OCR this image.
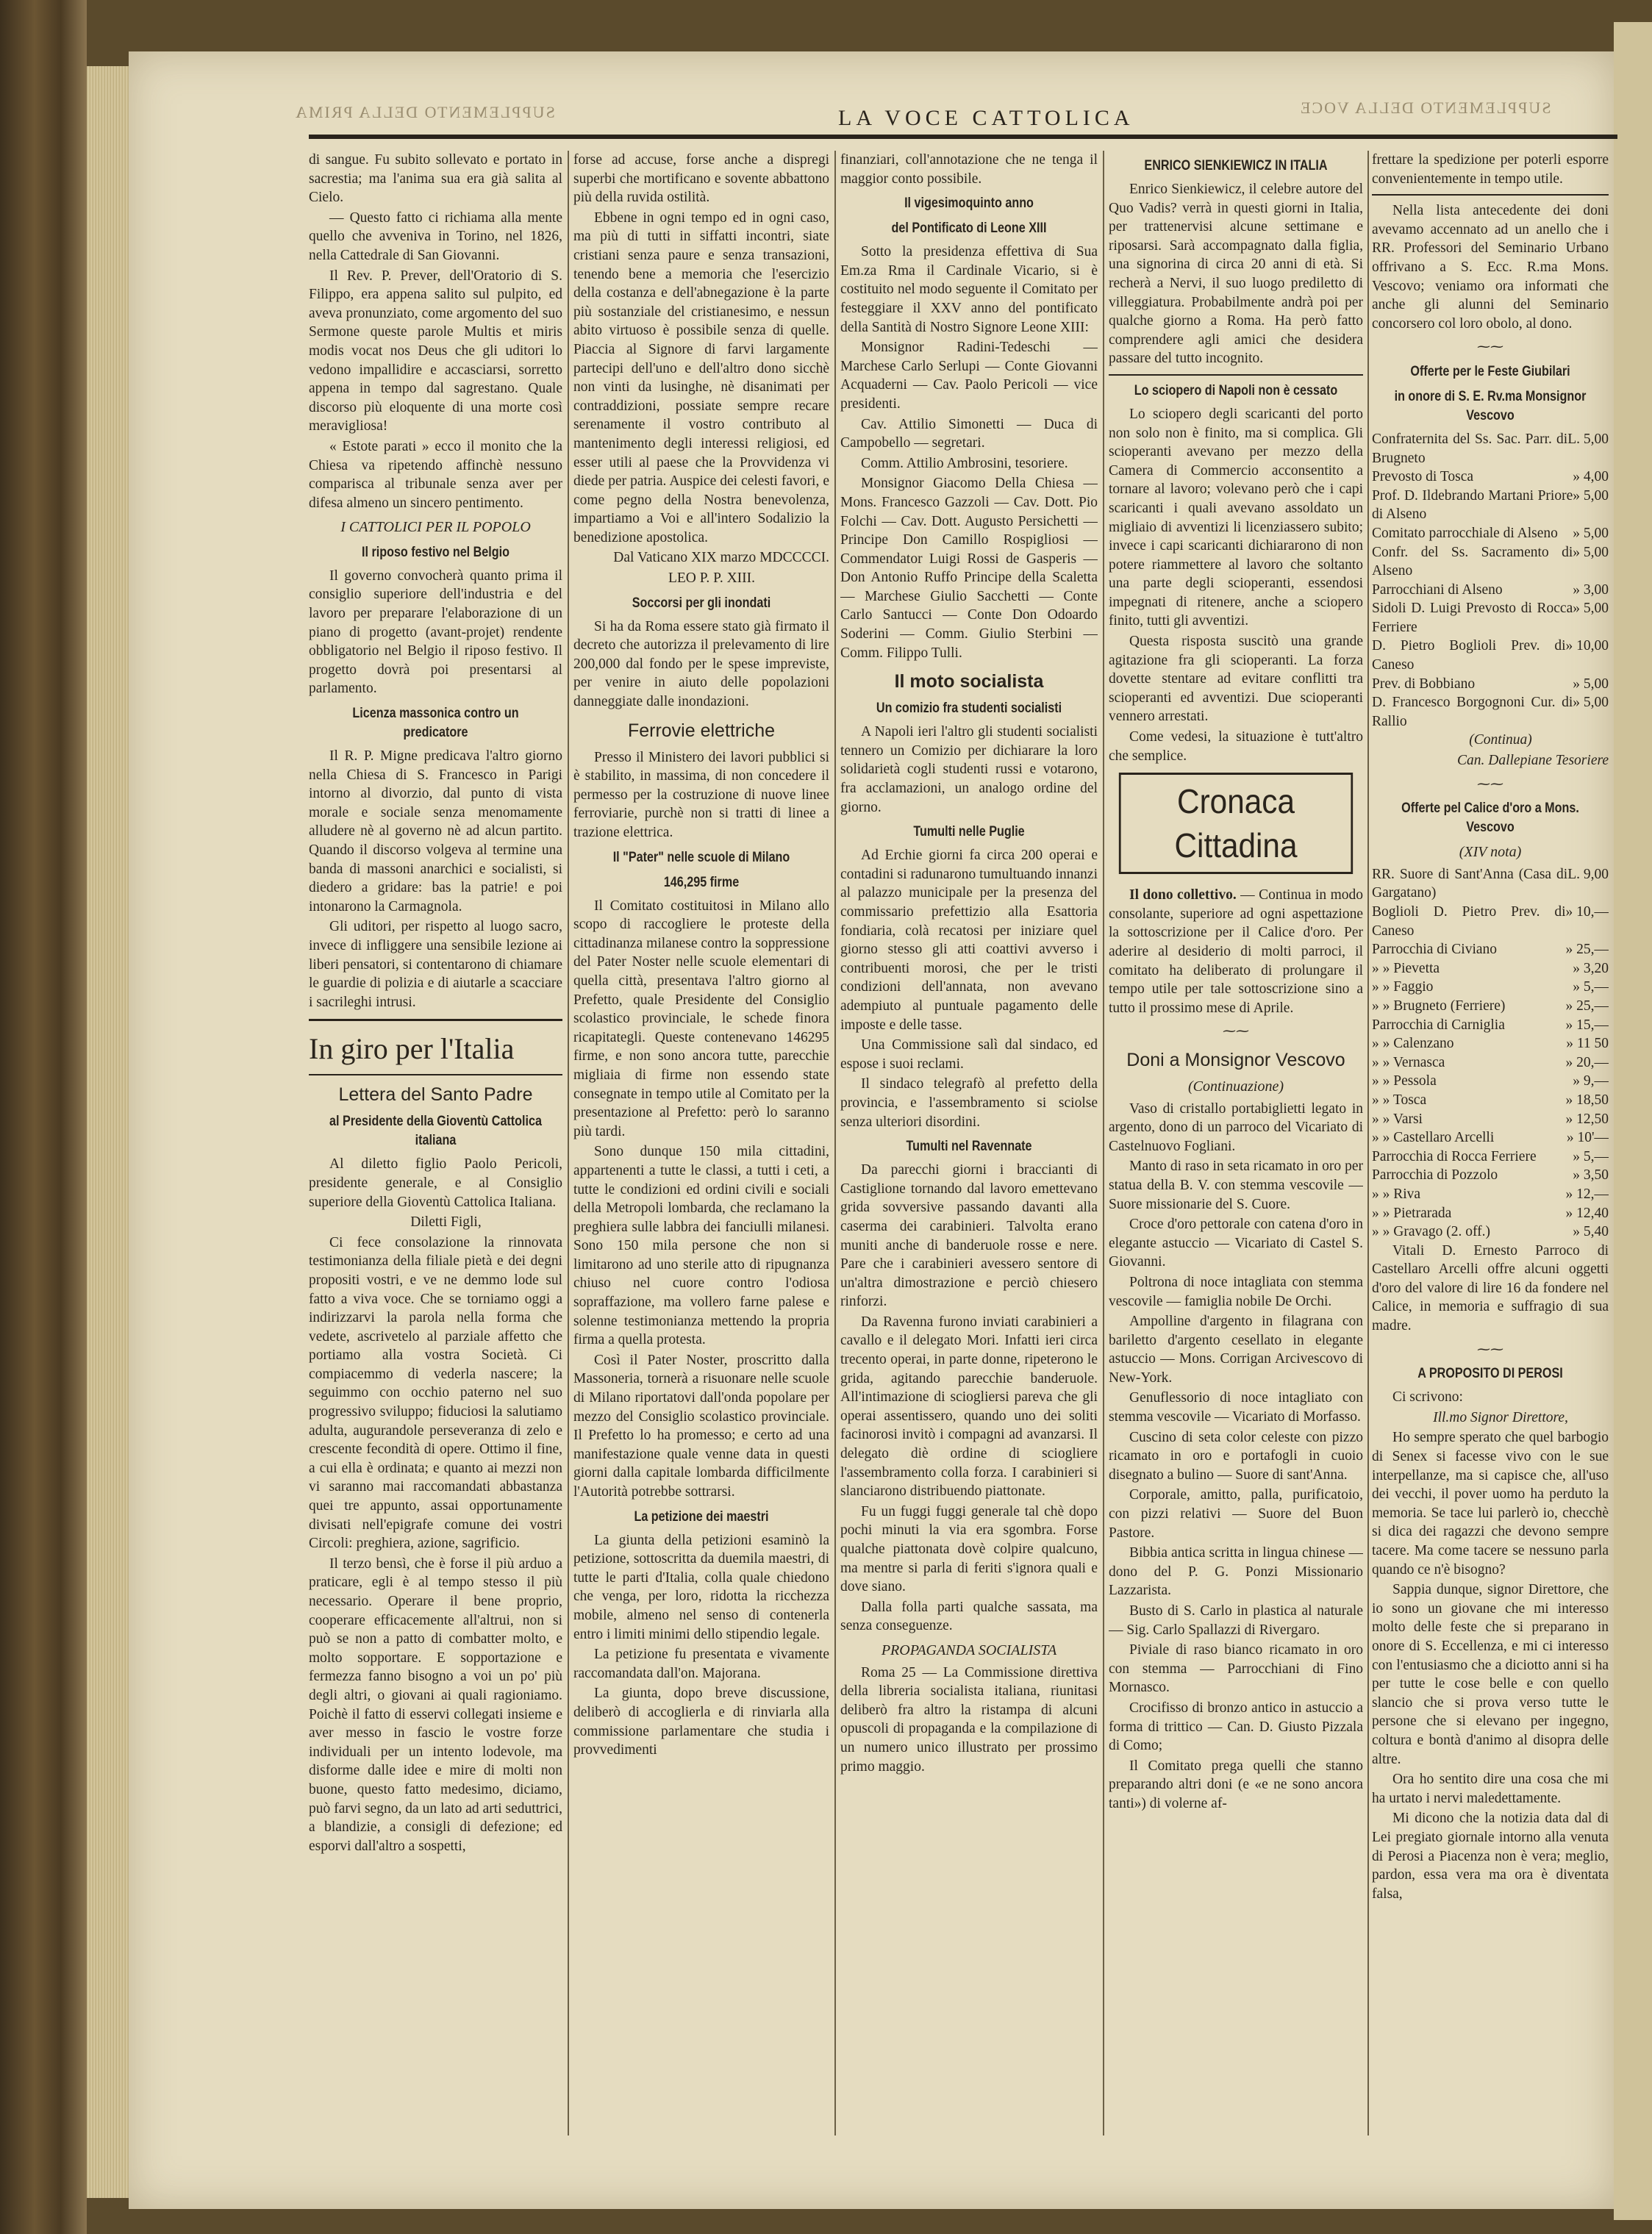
SUPPLEMENTO DELLA PRIMA	LA VOCE CATTOLICA	SUPPLEMENTO DELLA VOCE

di sangue. Fu subito sollevato e portato in sacrestia; ma l'anima sua era già salita al Cielo.

— Questo fatto ci richiama alla mente quello che avveniva in Torino, nel 1826, nella Cattedrale di San Giovanni.

Il Rev. P. Prever, dell'Oratorio di S. Filippo, era appena salito sul pulpito, ed aveva pronunziato, come argomento del suo Sermone queste parole Multis et miris modis vocat nos Deus che gli uditori lo vedono impallidire e accasciarsi, sorretto appena in tempo dal sagrestano. Quale discorso più eloquente di una morte così meravigliosa!

« Estote parati » ecco il monito che la Chiesa va ripetendo affinchè nessuno comparisca al tribunale senza aver per difesa almeno un sincero pentimento.

I CATTOLICI PER IL POPOLO
Il riposo festivo nel Belgio

Il governo convocherà quanto prima il consiglio superiore dell'industria e del lavoro per preparare l'elaborazione di un piano di progetto (avant-projet) rendente obbligatorio nel Belgio il riposo festivo. Il progetto dovrà poi presentarsi al parlamento.

Licenza massonica contro un predicatore

Il R. P. Migne predicava l'altro giorno nella Chiesa di S. Francesco in Parigi intorno al divorzio, dal punto di vista morale e sociale senza menomamente alludere nè al governo nè ad alcun partito. Quando il discorso volgeva al termine una banda di massoni anarchici e socialisti, si diedero a gridare: bas la patrie! e poi intonarono la Carmagnola.

Gli uditori, per rispetto al luogo sacro, invece di infliggere una sensibile lezione ai liberi pensatori, si contentarono di chiamare le guardie di polizia e di aiutarle a scacciare i sacrileghi intrusi.

In giro per l'Italia
Lettera del Santo Padre
al Presidente della Gioventù Cattolica italiana

Al diletto figlio Paolo Pericoli, presidente generale, e al Consiglio superiore della Gioventù Cattolica Italiana.

Diletti Figli,

Ci fece consolazione la rinnovata testimonianza della filiale pietà e dei degni propositi vostri, e ve ne demmo lode sul fatto a viva voce. Che se torniamo oggi a indirizzarvi la parola nella forma che vedete, ascrivetelo al parziale affetto che portiamo alla vostra Società. Ci compiacemmo di vederla nascere; la seguimmo con occhio paterno nel suo progressivo sviluppo; fiduciosi la salutiamo adulta, augurandole perseveranza di zelo e crescente fecondità di opere. Ottimo il fine, a cui ella è ordinata; e quanto ai mezzi non vi saranno mai raccomandati abbastanza quei tre appunto, assai opportunamente divisati nell'epigrafe comune dei vostri Circoli: preghiera, azione, sagrificio.

Il terzo bensì, che è forse il più arduo a praticare, egli è al tempo stesso il più necessario. Operare il bene proprio, cooperare efficacemente all'altrui, non si può se non a patto di combatter molto, e molto sopportare. E sopportazione e fermezza fanno bisogno a voi un po' più degli altri, o giovani ai quali ragioniamo. Poichè il fatto di esservi collegati insieme e aver messo in fascio le vostre forze individuali per un intento lodevole, ma disforme dalle idee e mire di molti non buone, questo fatto medesimo, diciamo, può farvi segno, da un lato ad arti seduttrici, a blandizie, a consigli di defezione; ed esporvi dall'altro a sospetti,

forse ad accuse, forse anche a dispregi superbi che mortificano e sovente abbattono più della ruvida ostilità.

Ebbene in ogni tempo ed in ogni caso, ma più di tutti in siffatti incontri, siate cristiani senza paure e senza transazioni, tenendo bene a memoria che l'esercizio della costanza e dell'abnegazione è la parte più sostanziale del cristianesimo, e nessun abito virtuoso è possibile senza di quelle. Piaccia al Signore di farvi largamente partecipi dell'uno e dell'altro dono sicchè non vinti da lusinghe, nè disanimati per contraddizioni, possiate sempre recare serenamente il vostro contributo al mantenimento degli interessi religiosi, ed esser utili al paese che la Provvidenza vi diede per patria. Auspice dei celesti favori, e come pegno della Nostra benevolenza, impartiamo a Voi e all'intero Sodalizio la benedizione apostolica.

Dal Vaticano XIX marzo MDCCCCI.

LEO P. P. XIII.

Soccorsi per gli inondati

Si ha da Roma essere stato già firmato il decreto che autorizza il prelevamento di lire 200,000 dal fondo per le spese impreviste, per venire in aiuto delle popolazioni danneggiate dalle inondazioni.

Ferrovie elettriche

Presso il Ministero dei lavori pubblici si è stabilito, in massima, di non concedere il permesso per la costruzione di nuove linee ferroviarie, purchè non si tratti di linee a trazione elettrica.

Il "Pater" nelle scuole di Milano
146,295 firme

Il Comitato costituitosi in Milano allo scopo di raccogliere le proteste della cittadinanza milanese contro la soppressione del Pater Noster nelle scuole elementari di quella città, presentava l'altro giorno al Prefetto, quale Presidente del Consiglio scolastico provinciale, le schede finora ricapitategli. Queste contenevano 146295 firme, e non sono ancora tutte, parecchie migliaia di firme non essendo state consegnate in tempo utile al Comitato per la presentazione al Prefetto: però lo saranno più tardi.

Sono dunque 150 mila cittadini, appartenenti a tutte le classi, a tutti i ceti, a tutte le condizioni ed ordini civili e sociali della Metropoli lombarda, che reclamano la preghiera sulle labbra dei fanciulli milanesi. Sono 150 mila persone che non si limitarono ad uno sterile atto di ripugnanza chiuso nel cuore contro l'odiosa sopraffazione, ma vollero farne palese e solenne testimonianza mettendo la propria firma a quella protesta.

Così il Pater Noster, proscritto dalla Massoneria, tornerà a risuonare nelle scuole di Milano riportatovi dall'onda popolare per mezzo del Consiglio scolastico provinciale. Il Prefetto lo ha promesso; e certo ad una manifestazione quale venne data in questi giorni dalla capitale lombarda difficilmente l'Autorità potrebbe sottrarsi.

La petizione dei maestri

La giunta della petizioni esaminò la petizione, sottoscritta da duemila maestri, di tutte le parti d'Italia, colla quale chiedono che venga, per loro, ridotta la ricchezza mobile, almeno nel senso di contenerla entro i limiti minimi dello stipendio legale.

La petizione fu presentata e vivamente raccomandata dall'on. Majorana.

La giunta, dopo breve discussione, deliberò di accoglierla e di rinviarla alla commissione parlamentare che studia i provvedimenti

finanziari, coll'annotazione che ne tenga il maggior conto possibile.

Il vigesimoquinto anno
del Pontificato di Leone XIII

Sotto la presidenza effettiva di Sua Em.za Rma il Cardinale Vicario, si è costituito nel modo seguente il Comitato per festeggiare il XXV anno del pontificato della Santità di Nostro Signore Leone XIII:

Monsignor Radini-Tedeschi — Marchese Carlo Serlupi — Conte Giovanni Acquaderni — Cav. Paolo Pericoli — vice presidenti.

Cav. Attilio Simonetti — Duca di Campobello — segretari.

Comm. Attilio Ambrosini, tesoriere.

Monsignor Giacomo Della Chiesa — Mons. Francesco Gazzoli — Cav. Dott. Pio Folchi — Cav. Dott. Augusto Persichetti — Principe Don Camillo Rospigliosi — Commendator Luigi Rossi de Gasperis — Don Antonio Ruffo Principe della Scaletta — Marchese Giulio Sacchetti — Conte Carlo Santucci — Conte Don Odoardo Soderini — Comm. Giulio Sterbini — Comm. Filippo Tulli.

Il moto socialista
Un comizio fra studenti socialisti

A Napoli ieri l'altro gli studenti socialisti tennero un Comizio per dichiarare la loro solidarietà cogli studenti russi e votarono, fra acclamazioni, un analogo ordine del giorno.

Tumulti nelle Puglie

Ad Erchie giorni fa circa 200 operai e contadini si radunarono tumultuando innanzi al palazzo municipale per la presenza del commissario prefettizio alla Esattoria fondiaria, colà recatosi per iniziare quel giorno stesso gli atti coattivi avverso i contribuenti morosi, che per le tristi condizioni dell'annata, non avevano adempiuto al puntuale pagamento delle imposte e delle tasse.

Una Commissione salì dal sindaco, ed espose i suoi reclami.

Il sindaco telegrafò al prefetto della provincia, e l'assembramento si sciolse senza ulteriori disordini.

Tumulti nel Ravennate

Da parecchi giorni i braccianti di Castiglione tornando dal lavoro emettevano grida sovversive passando davanti alla caserma dei carabinieri. Talvolta erano muniti anche di banderuole rosse e nere. Pare che i carabinieri avessero sentore di un'altra dimostrazione e perciò chiesero rinforzi.

Da Ravenna furono inviati carabinieri a cavallo e il delegato Mori. Infatti ieri circa trecento operai, in parte donne, ripeterono le grida, agitando parecchie banderuole. All'intimazione di sciogliersi pareva che gli operai assentissero, quando uno dei soliti facinorosi invitò i compagni ad avanzarsi. Il delegato diè ordine di sciogliere l'assembramento colla forza. I carabinieri si slanciarono distribuendo piattonate.

Fu un fuggi fuggi generale tal chè dopo pochi minuti la via era sgombra. Forse qualche piattonata dovè colpire qualcuno, ma mentre si parla di feriti s'ignora quali e dove siano.

Dalla folla parti qualche sassata, ma senza conseguenze.

PROPAGANDA SOCIALISTA

Roma 25 — La Commissione direttiva della libreria socialista italiana, riunitasi deliberò fra altro la ristampa di alcuni opuscoli di propaganda e la compilazione di un numero unico illustrato per prossimo primo maggio.

ENRICO SIENKIEWICZ IN ITALIA

Enrico Sienkiewicz, il celebre autore del Quo Vadis? verrà in questi giorni in Italia, per trattenervisi alcune settimane e riposarsi. Sarà accompagnato dalla figlia, una signorina di circa 20 anni di età. Si recherà a Nervi, il suo luogo prediletto di villeggiatura. Probabilmente andrà poi per qualche giorno a Roma. Ha però fatto comprendere agli amici che desidera passare del tutto incognito.

Lo sciopero di Napoli non è cessato

Lo sciopero degli scaricanti del porto non solo non è finito, ma si complica. Gli scioperanti avevano per mezzo della Camera di Commercio acconsentito a tornare al lavoro; volevano però che i capi scaricanti i quali avevano assoldato un migliaio di avventizi li licenziassero subito; invece i capi scaricanti dichiararono di non potere riammettere al lavoro che soltanto una parte degli scioperanti, essendosi impegnati di ritenere, anche a sciopero finito, tutti gli avventizi.

Questa risposta suscitò una grande agitazione fra gli scioperanti. La forza dovette stentare ad evitare conflitti tra scioperanti ed avventizi. Due scioperanti vennero arrestati.

Come vedesi, la situazione è tutt'altro che semplice.

Cronaca Cittadina

Il dono collettivo. — Continua in modo consolante, superiore ad ogni aspettazione la sottoscrizione per il Calice d'oro. Per aderire al desiderio di molti parroci, il comitato ha deliberato di prolungare il tempo utile per tale sottoscrizione sino a tutto il prossimo mese di Aprile.

⁓⁓
Doni a Monsignor Vescovo
(Continuazione)

Vaso di cristallo portabiglietti legato in argento, dono di un parroco del Vicariato di Castelnuovo Fogliani.

Manto di raso in seta ricamato in oro per statua della B. V. con stemma vescovile — Suore missionarie del S. Cuore.

Croce d'oro pettorale con catena d'oro in elegante astuccio — Vicariato di Castel S. Giovanni.

Poltrona di noce intagliata con stemma vescovile — famiglia nobile De Orchi.

Ampolline d'argento in filagrana con bariletto d'argento cesellato in elegante astuccio — Mons. Corrigan Arcivescovo di New-York.

Genuflessorio di noce intagliato con stemma vescovile — Vicariato di Morfasso.

Cuscino di seta color celeste con pizzo ricamato in oro e portafogli in cuoio disegnato a bulino — Suore di sant'Anna.

Corporale, amitto, palla, purificatoio, con pizzi relativi — Suore del Buon Pastore.

Bibbia antica scritta in lingua chinese — dono del P. G. Ponzi Missionario Lazzarista.

Busto di S. Carlo in plastica al naturale — Sig. Carlo Spallazzi di Rivergaro.

Piviale di raso bianco ricamato in oro con stemma — Parrocchiani di Fino Mornasco.

Crocifisso di bronzo antico in astuccio a forma di trittico — Can. D. Giusto Pizzala di Como;

Il Comitato prega quelli che stanno preparando altri doni (e «e ne sono ancora tanti») di volerne af-

frettare la spedizione per poterli esporre convenientemente in tempo utile.

Nella lista antecedente dei doni avevamo accennato ad un anello che i RR. Professori del Seminario Urbano offrivano a S. Ecc. R.ma Mons. Vescovo; veniamo ora informati che anche gli alunni del Seminario concorsero col loro obolo, al dono.

⁓⁓
Offerte per le Feste Giubilari
in onore di S. E. Rv.ma Monsignor Vescovo
Confraternita del Ss. Sac. Parr. di Brugneto
L. 5,00
Prevosto di Tosca	» 4,00
Prof. D. Ildebrando Martani Priore di Alseno
» 5,00
Comitato parrocchiale di Alseno » 5,00
Confr. del Ss. Sacramento di Alseno
» 5,00
Parrocchiani di Alseno	» 3,00
Sidoli D. Luigi Prevosto di Rocca Ferriere
» 5,00
D. Pietro Boglioli Prev. di Caneso
» 10,00
Prev. di Bobbiano	» 5,00
D. Francesco Borgognoni Cur. di Rallio
» 5,00

(Continua)

Can. Dallepiane Tesoriere

⁓⁓
Offerte pel Calice d'oro a Mons. Vescovo
(XIV nota)
RR. Suore di Sant'Anna (Casa di Gargatano)
L. 9,00
Boglioli D. Pietro Prev. di Caneso
» 10,—
Parrocchia di Civiano	» 25,—
» » Pievetta	» 3,20
» » Faggio	» 5,—
» » Brugneto (Ferriere)	» 25,—
Parrocchia di Carniglia	» 15,—
» » Calenzano	» 11 50
» » Vernasca	» 20,—
» » Pessola	» 9,—
» » Tosca	» 18,50
» » Varsi	» 12,50
» » Castellaro Arcelli	» 10'—
Parrocchia di Rocca Ferriere	» 5,—
Parrocchia di Pozzolo	» 3,50
» » Riva	» 12,—
» » Pietrarada	» 12,40
» » Gravago (2. off.)	» 5,40

Vitali D. Ernesto Parroco di Castellaro Arcelli offre alcuni oggetti d'oro del valore di lire 16 da fondere nel Calice, in memoria e suffragio di sua madre.

⁓⁓
A PROPOSITO DI PEROSI

Ci scrivono:

Ill.mo Signor Direttore,

Ho sempre sperato che quel barbogio di Senex si facesse vivo con le sue interpellanze, ma si capisce che, all'uso dei vecchi, il pover uomo ha perduto la memoria. Se tace lui parlerò io, checchè si dica dei ragazzi che devono sempre tacere. Ma come tacere se nessuno parla quando ce n'è bisogno?

Sappia dunque, signor Direttore, che io sono un giovane che mi interesso molto delle feste che si preparano in onore di S. Eccellenza, e mi ci interesso con l'entusiasmo che a diciotto anni si ha per tutte le cose belle e con quello slancio che si prova verso tutte le persone che si elevano per ingegno, coltura e bontà d'animo al disopra delle altre.

Ora ho sentito dire una cosa che mi ha urtato i nervi maledettamente.

Mi dicono che la notizia data dal di Lei pregiato giornale intorno alla venuta di Perosi a Piacenza non è vera; meglio, pardon, essa vera ma ora è diventata falsa,
